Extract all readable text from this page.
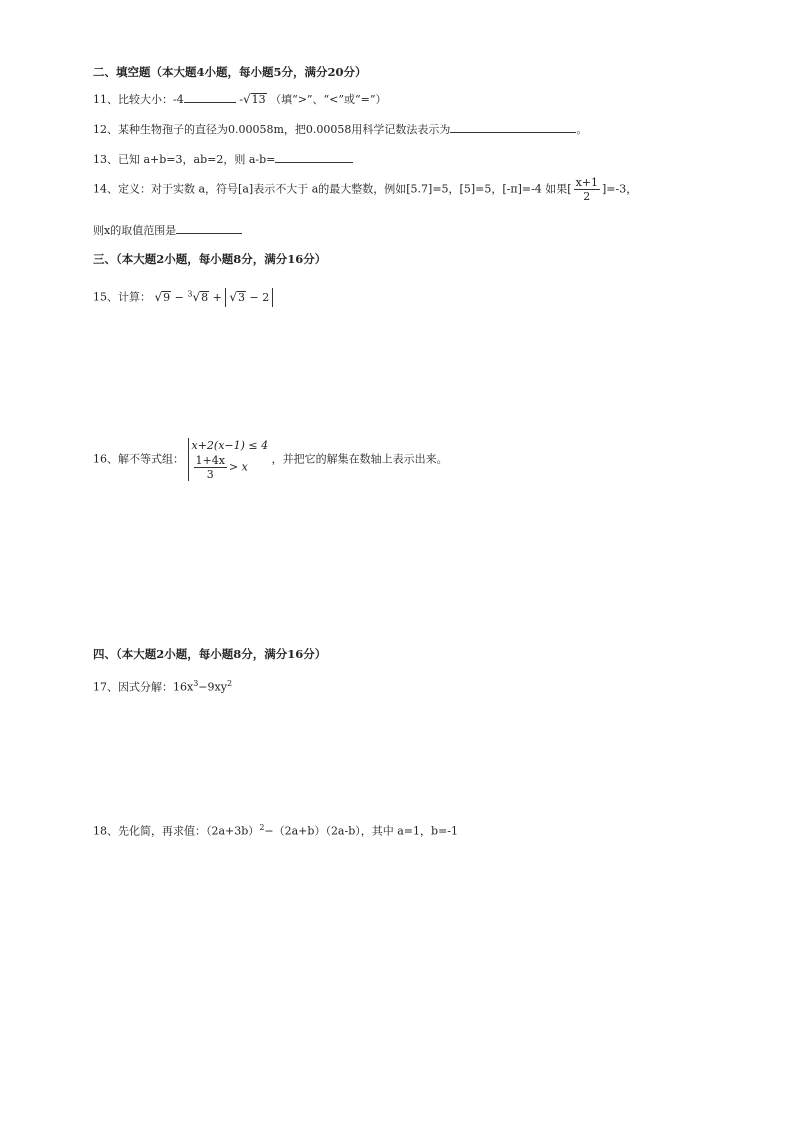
二、填空题（本大题4小题，每小题5分，满分20分）
11、比较大小：-4	-√13 （填“>”、“<”或“=”）
12、某种生物孢子的直径为0.00058m，把0.00058用科学记数法表示为	。
13、已知 a+b=3，ab=2，则 a-b=
14、定义：对于实数 a，符号[a]表示不大于 a的最大整数，例如[5.7]=5，[5]=5，[-π]=-4 如果[ $\frac{x+1}{2} ]=-3$，
则x的取值范围是
三、（本大题2小题，每小题8分，满分16分）
15、计算： √9 − $^3$√8 + √3 − 2
16、解不等式组：
x+2(x−1) ≤ 4
$\frac{1+4x}{3} > x$
，并把它的解集在数轴上表示出来。
四、（本大题2小题，每小题8分，满分16分）
17、因式分解：$16x^3-9xy^2$
18、先化简，再求值：$(2a+3b)^2-(2a+b)(2a-b)$，其中 a=1，b=-1
